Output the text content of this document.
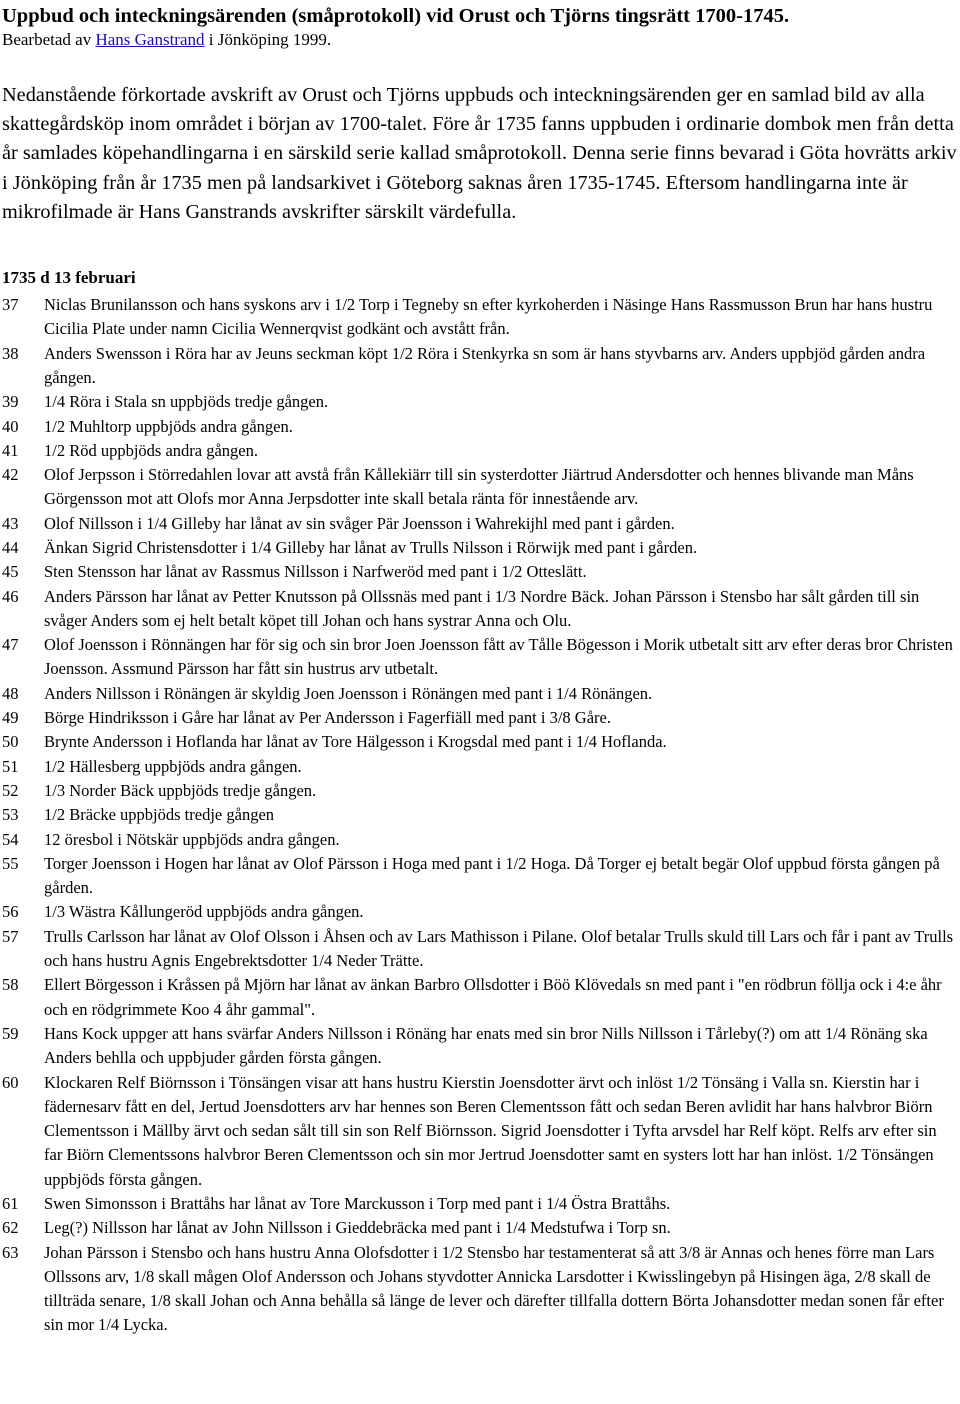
Uppbud och inteckningsärenden (småprotokoll) vid Orust och Tjörns tingsrätt 1700-1745.
Bearbetad av Hans Ganstrand i Jönköping 1999.
Nedanstående förkortade avskrift av Orust och Tjörns uppbuds och inteckningsärenden ger en samlad bild av alla skattegårdsköp inom området i början av 1700-talet. Före år 1735 fanns uppbuden i ordinarie dombok men från detta år samlades köpehandlingarna i en särskild serie kallad småprotokoll. Denna serie finns bevarad i Göta hovrätts arkiv i Jönköping från år 1735 men på landsarkivet i Göteborg saknas åren 1735-1745. Eftersom handlingarna inte är mikrofilmade är Hans Ganstrands avskrifter särskilt värdefulla.
1735 d 13 februari
37	Niclas Brunilansson och hans syskons arv i 1/2 Torp i Tegneby sn efter kyrkoherden i Näsinge Hans Rassmusson Brun har hans hustru Cicilia Plate under namn Cicilia Wennerqvist godkänt och avstått från.
38	Anders Swensson i Röra har av Jeuns seckman köpt 1/2 Röra i Stenkyrka sn som är hans styvbarns arv. Anders uppbjöd gården andra gången.
39	1/4 Röra i Stala sn uppbjöds tredje gången.
40	1/2 Muhltorp uppbjöds andra gången.
41	1/2 Röd uppbjöds andra gången.
42	Olof Jerpsson i Störredahlen lovar att avstå från Kållekiärr till sin systerdotter Jiärtrud Andersdotter och hennes blivande man Måns Görgensson mot att Olofs mor Anna Jerpsdotter inte skall betala ränta för innestående arv.
43	Olof Nillsson i 1/4 Gilleby har lånat av sin svåger Pär Joensson i Wahrekijhl med pant i gården.
44	Änkan Sigrid Christensdotter i 1/4 Gilleby har lånat av Trulls Nilsson i Rörwijk med pant i gården.
45	Sten Stensson har lånat av Rassmus Nillsson i Narfweröd med pant i 1/2 Otteslätt.
46	Anders Pärsson har lånat av Petter Knutsson på Ollssnäs med pant i 1/3 Nordre Bäck. Johan Pärsson i Stensbo har sålt gården till sin svåger Anders som ej helt betalt köpet till Johan och hans systrar Anna och Olu.
47	Olof Joensson i Rönnängen har för sig och sin bror Joen Joensson fått av Tålle Bögesson i Morik utbetalt sitt arv efter deras bror Christen Joensson. Assmund Pärsson har fått sin hustrus arv utbetalt.
48	Anders Nillsson i Rönängen är skyldig Joen Joensson i Rönängen med pant i 1/4 Rönängen.
49	Börge Hindriksson i Gåre har lånat av Per Andersson i Fagerfiäll med pant i 3/8 Gåre.
50	Brynte Andersson i Hoflanda har lånat av Tore Hälgesson i Krogsdal med pant i 1/4 Hoflanda.
51	1/2 Hällesberg uppbjöds andra gången.
52	1/3 Norder Bäck uppbjöds tredje gången.
53	1/2 Bräcke uppbjöds tredje gången
54	12 öresbol i Nötskär uppbjöds andra gången.
55	Torger Joensson i Hogen har lånat av Olof Pärsson i Hoga med pant i 1/2 Hoga. Då Torger ej betalt begär Olof uppbud första gången på gården.
56	1/3 Wästra Kållungeröd uppbjöds andra gången.
57	Trulls Carlsson har lånat av Olof Olsson i Åhsen och av Lars Mathisson i Pilane. Olof betalar Trulls skuld till Lars och får i pant av Trulls och hans hustru Agnis Engebrektsdotter 1/4 Neder Trätte.
58	Ellert Börgesson i Kråssen på Mjörn har lånat av änkan Barbro Ollsdotter i Böö Klövedals sn med pant i "en rödbrun föllja ock i 4:e åhr och en rödgrimmete Koo 4 åhr gammal".
59	Hans Kock uppger att hans svärfar Anders Nillsson i Rönäng har enats med sin bror Nills Nillsson i Tårleby(?) om att 1/4 Rönäng ska Anders behlla och uppbjuder gården första gången.
60	Klockaren Relf Biörnsson i Tönsängen visar att hans hustru Kierstin Joensdotter ärvt och inlöst 1/2 Tönsäng i Valla sn. Kierstin har i fädernesarv fått en del, Jertud Joensdotters arv har hennes son Beren Clementsson fått och sedan Beren avlidit har hans halvbror Biörn Clementsson i Mällby ärvt och sedan sålt till sin son Relf Biörnsson. Sigrid Joensdotter i Tyfta arvsdel har Relf köpt. Relfs arv efter sin far Biörn Clementssons halvbror Beren Clementsson och sin mor Jertrud Joensdotter samt en systers lott har han inlöst. 1/2 Tönsängen uppbjöds första gången.
61	Swen Simonsson i Brattåhs har lånat av Tore Marckusson i Torp med pant i 1/4 Östra Brattåhs.
62	Leg(?) Nillsson har lånat av John Nillsson i Gieddebräcka med pant i 1/4 Medstufwa i Torp sn.
63	Johan Pärsson i Stensbo och hans hustru Anna Olofsdotter i 1/2 Stensbo har testamenterat så att 3/8 är Annas och henes förre man Lars Ollssons arv, 1/8 skall mågen Olof Andersson och Johans styvdotter Annicka Larsdotter i Kwisslingebyn på Hisingen äga, 2/8 skall de tillträda senare, 1/8 skall Johan och Anna behålla så länge de lever och därefter tillfalla dottern Börta Johansdotter medan sonen får efter sin mor 1/4 Lycka.
